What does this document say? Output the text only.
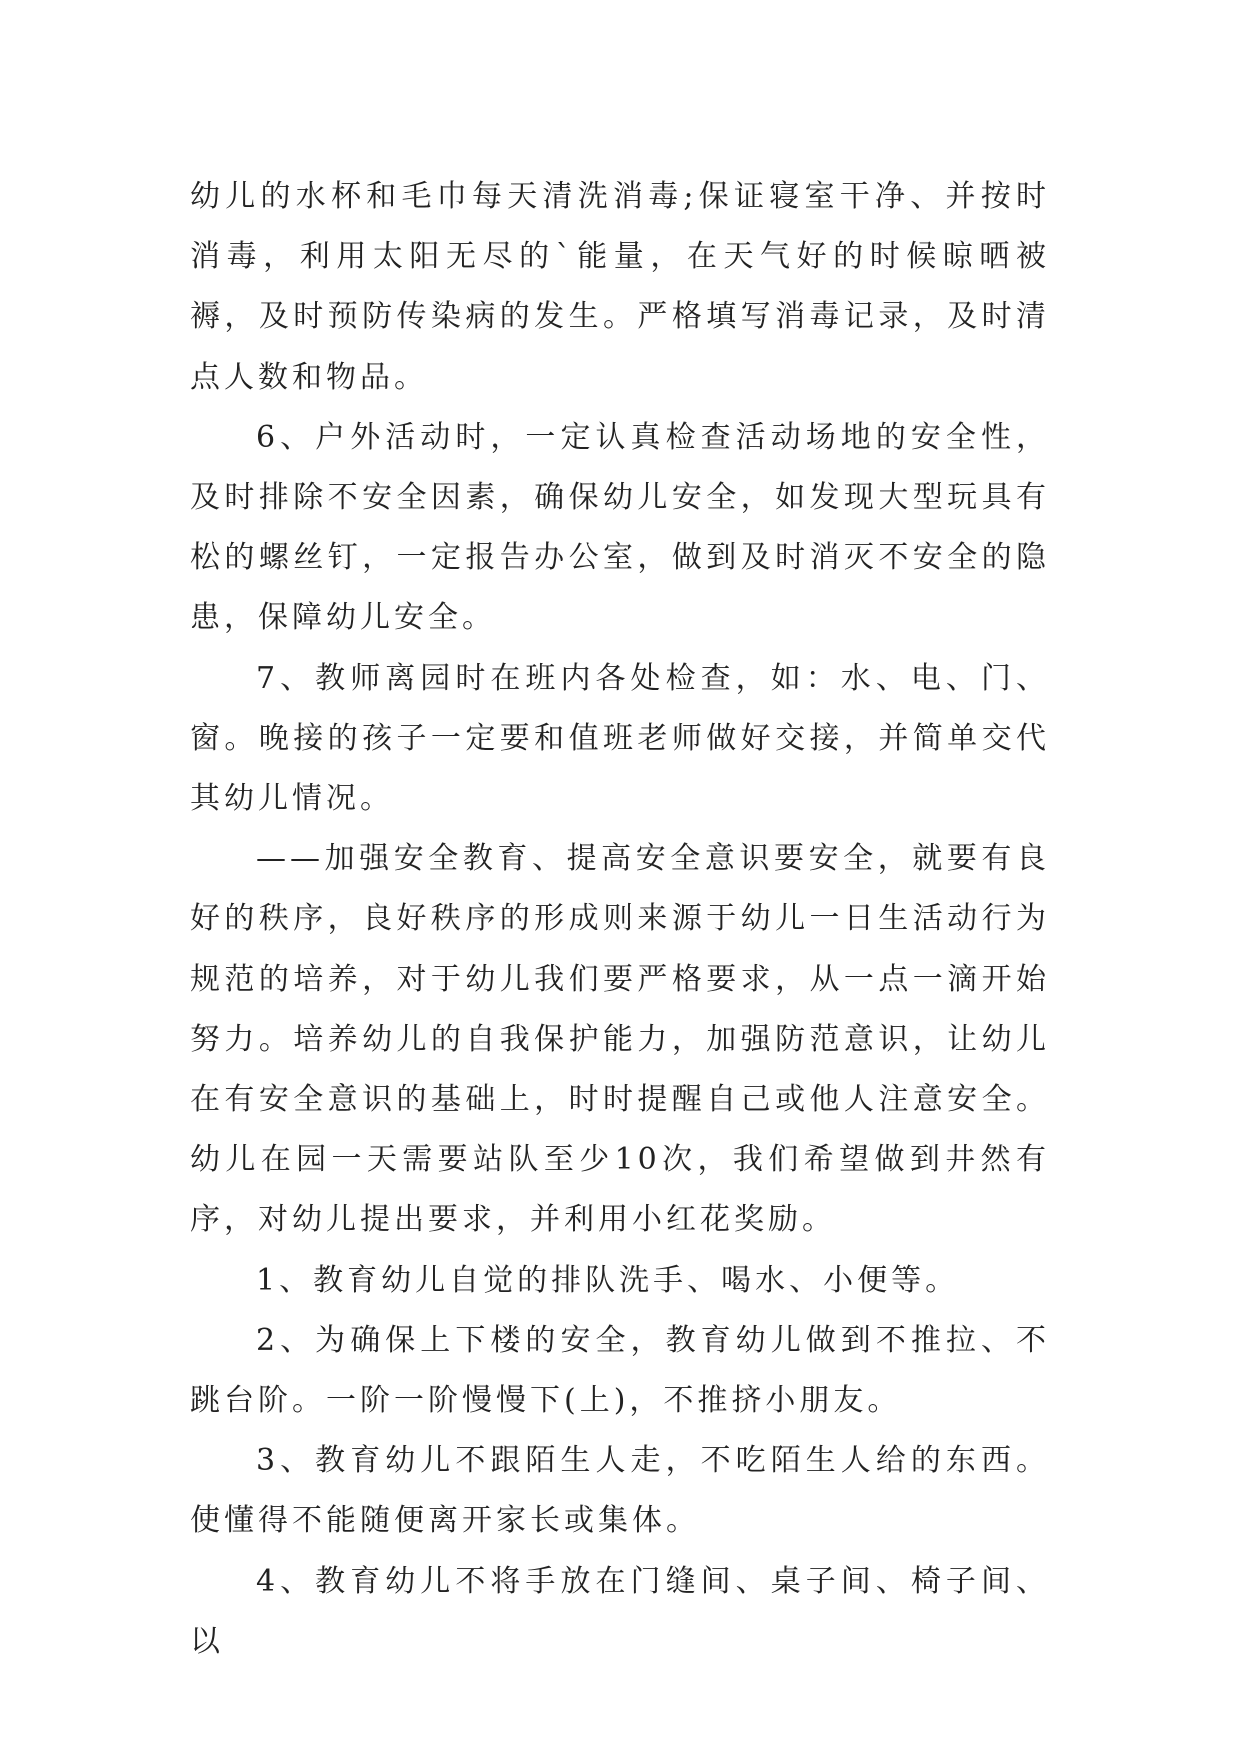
幼儿的水杯和毛巾每天清洗消毒;保证寝室干净、并按时消毒，利用太阳无尽的`能量，在天气好的时候晾晒被褥，及时预防传染病的发生。严格填写消毒记录，及时清点人数和物品。

6、户外活动时，一定认真检查活动场地的安全性，及时排除不安全因素，确保幼儿安全，如发现大型玩具有松的螺丝钉，一定报告办公室，做到及时消灭不安全的隐患，保障幼儿安全。

7、教师离园时在班内各处检查，如：水、电、门、窗。晚接的孩子一定要和值班老师做好交接，并简单交代其幼儿情况。

——加强安全教育、提高安全意识要安全，就要有良好的秩序，良好秩序的形成则来源于幼儿一日生活动行为规范的培养，对于幼儿我们要严格要求，从一点一滴开始努力。培养幼儿的自我保护能力，加强防范意识，让幼儿在有安全意识的基础上，时时提醒自己或他人注意安全。幼儿在园一天需要站队至少10次，我们希望做到井然有序，对幼儿提出要求，并利用小红花奖励。

1、教育幼儿自觉的排队洗手、喝水、小便等。

2、为确保上下楼的安全，教育幼儿做到不推拉、不跳台阶。一阶一阶慢慢下(上)，不推挤小朋友。

3、教育幼儿不跟陌生人走，不吃陌生人给的东西。使懂得不能随便离开家长或集体。

4、教育幼儿不将手放在门缝间、桌子间、椅子间、以
